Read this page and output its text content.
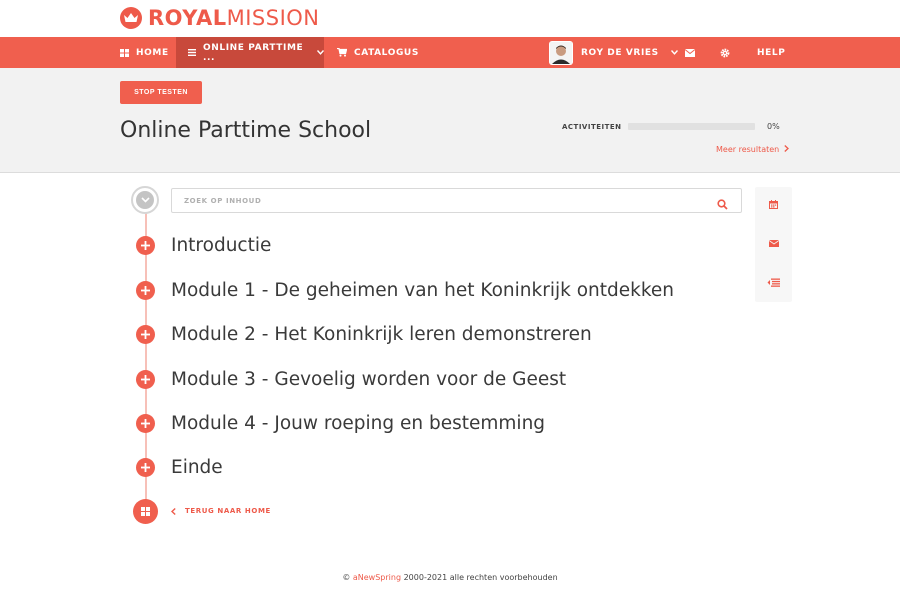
ROYAL MISSION
HOME	ONLINE PARTTIME ...	CATALOGUS	ROY DE VRIES	HELP
STOP TESTEN
Online Parttime School	ACTIVITEITEN	0%
Meer resultaten
ZOEK OP INHOUD
Introductie
Module 1 - De geheimen van het Koninkrijk ontdekken
Module 2 - Het Koninkrijk leren demonstreren
Module 3 - Gevoelig worden voor de Geest
Module 4 - Jouw roeping en bestemming
Einde
TERUG NAAR HOME
© aNewSpring 2000-2021 alle rechten voorbehouden
